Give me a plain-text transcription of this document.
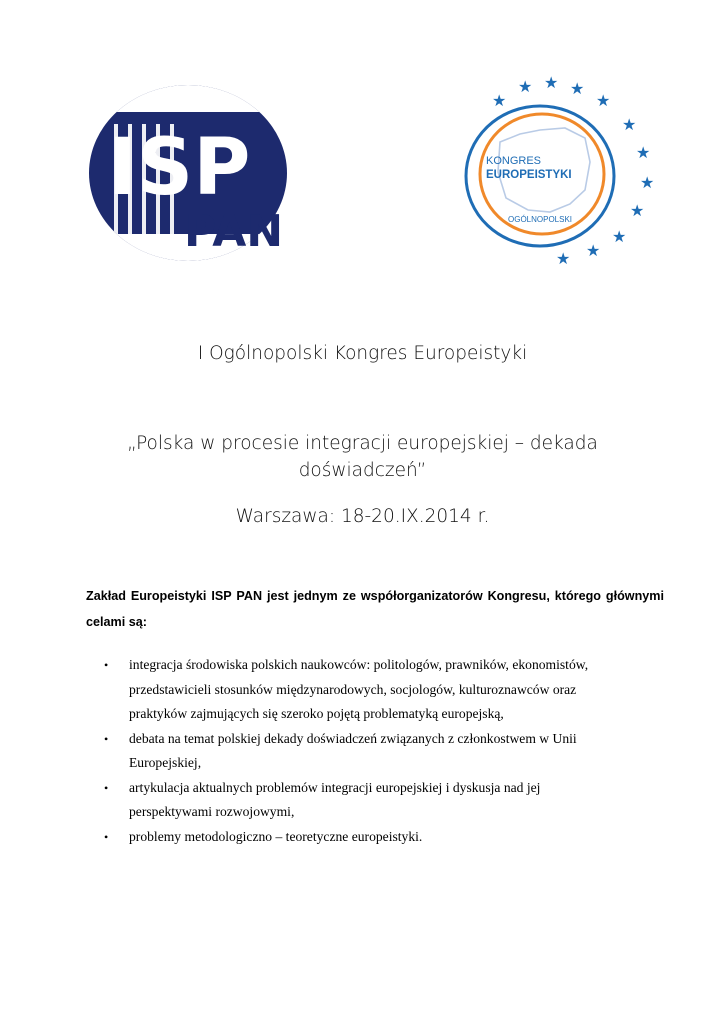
ISP
PAN
★
★ ★ ★
★
★
★
★
★
★
★
★
KONGRES
EUROPEISTYKI
OGÓLNOPOLSKI
I Ogólnopolski Kongres Europeistyki
„Polska w procesie integracji europejskiej – dekada
doświadczeń”
Warszawa: 18-20.IX.2014 r.
Zakład Europeistyki ISP PAN jest jednym ze współorganizatorów Kongresu, którego głównymi
celami są:
• integracja środowiska polskich naukowców: politologów, prawników, ekonomistów,
przedstawicieli stosunków międzynarodowych, socjologów, kulturoznawców oraz
praktyków zajmujących się szeroko pojętą problematyką europejską,
• debata na temat polskiej dekady doświadczeń związanych z członkostwem w Unii
Europejskiej,
• artykulacja aktualnych problemów integracji europejskiej i dyskusja nad jej
perspektywami rozwojowymi,
• problemy metodologiczno – teoretyczne europeistyki.
